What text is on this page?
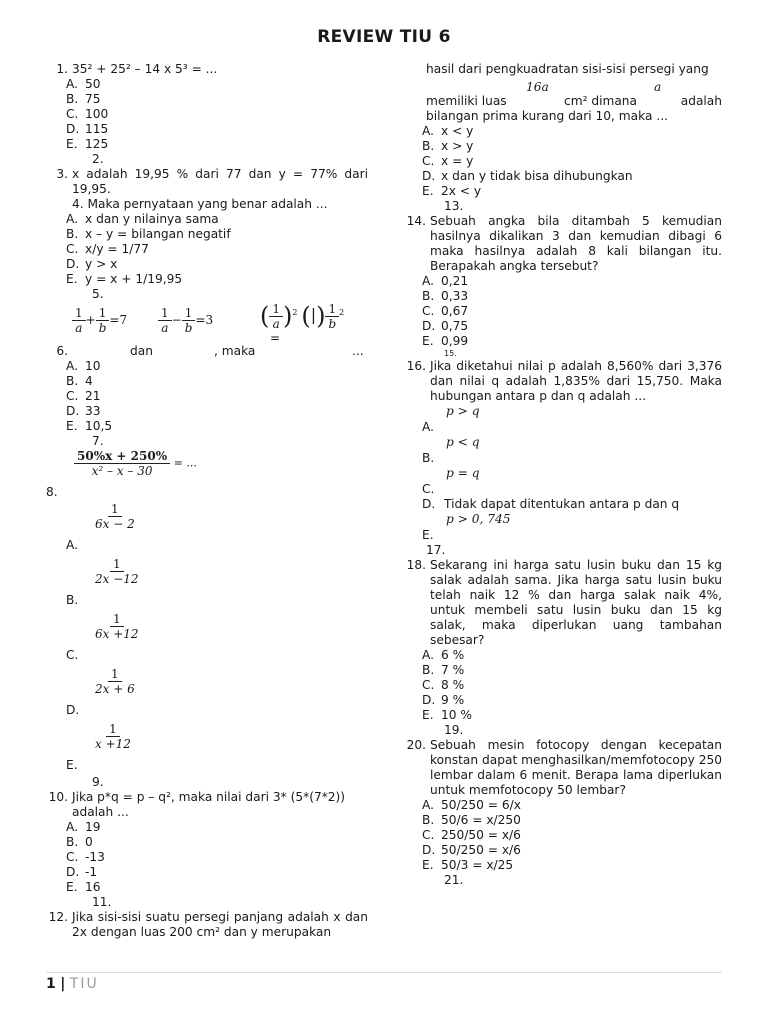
REVIEW TIU 6
1. 35² + 25² – 14 x 5³ = ...
A. 50
B. 75
C. 100
D. 115
E. 125
2.
3. x adalah 19,95 % dari 77 dan y = 77% dari 19,95.
4. Maka pernyataan yang benar adalah ...
A. x dan y nilainya sama
B. x – y = bilangan negatif
C. x/y = 1/77
D. y > x
E. y = x + 1/19,95
5.
$\frac{1}{a} + \frac{1}{b} =7$	$\frac{1}{a} - \frac{1}{b} =3$ ( $\frac{1}{a} )^2$ (|) $\frac{1}{b} ^2$ =
6.	dan	, maka	...
A. 10
B. 4
C. 21
D. 33
E. 10,5
7.
$\frac{50\%x + 250\%}{\text{x² – x – 30}}$ = ...
8.

$\frac{1}{6x - 2}$
A.
$\frac{1}{2x -12}$
B.
$\frac{1}{6x +12}$
C.
$\frac{1}{2x + 6}$
D.
$\frac{1}{x +12}$
E.
9.
10. Jika p*q = p – q², maka nilai dari 3* (5*(7*2)) adalah ...
A. 19
B. 0
C. -13
D. -1
E. 16
11.
12. Jika sisi-sisi suatu persegi panjang adalah x dan 2x dengan luas 200 cm² dan y merupakan
hasil dari pengkuadratan sisi-sisi persegi yang
16a	a
memiliki luas	cm² dimana	adalah
bilangan prima kurang dari 10, maka ...
A. x < y
B. x > y
C. x = y
D. x dan y tidak bisa dihubungkan
E. 2x < y
13.
14. Sebuah angka bila ditambah 5 kemudian hasilnya dikalikan 3 dan kemudian dibagi 6 maka hasilnya adalah 8 kali bilangan itu. Berapakah angka tersebut?
A. 0,21
B. 0,33
C. 0,67
D. 0,75
E. 0,99
15.
16. Jika diketahui nilai p adalah 8,560% dari 3,376 dan nilai q adalah 1,835% dari 15,750. Maka hubungan antara p dan q adalah ...
p > q
A.
p < q
B.
p = q
C.
D. Tidak dapat ditentukan antara p dan q
p > 0, 745
E.
17.
18. Sekarang ini harga satu lusin buku dan 15 kg salak adalah sama. Jika harga satu lusin buku telah naik 12 % dan harga salak naik 4%, untuk membeli satu lusin buku dan 15 kg salak, maka diperlukan uang tambahan sebesar?
A. 6 %
B. 7 %
C. 8 %
D. 9 %
E. 10 %
19.
20. Sebuah mesin fotocopy dengan kecepatan konstan dapat menghasilkan/memfotocopy 250 lembar dalam 6 menit. Berapa lama diperlukan untuk memfotocopy 50 lembar?
A. 50/250 = 6/x
B. 50/6 = x/250
C. 250/50 = x/6
D. 50/250 = x/6
E. 50/3 = x/25
21.
1 | TIU
